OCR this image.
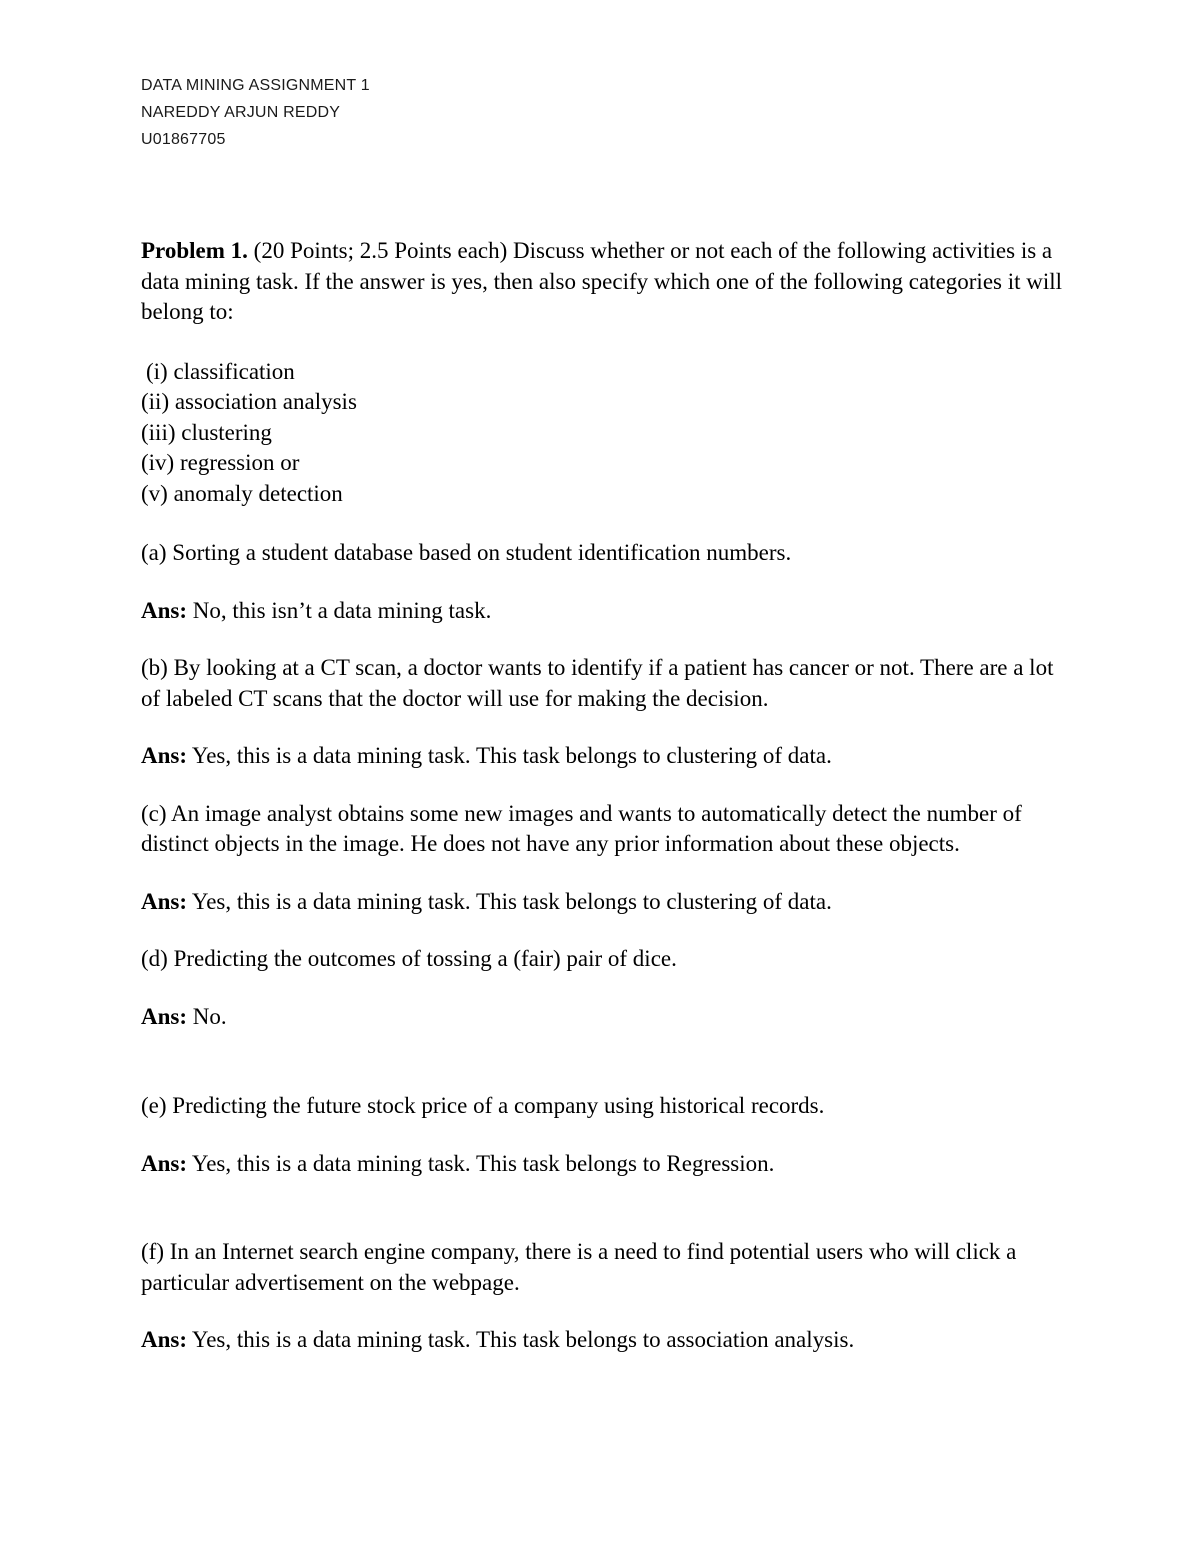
DATA MINING ASSIGNMENT 1
NAREDDY ARJUN REDDY
U01867705

Problem 1. (20 Points; 2.5 Points each) Discuss whether or not each of the following activities is a data mining task. If the answer is yes, then also specify which one of the following categories it will belong to:

(i) classification
(ii) association analysis
(iii) clustering
(iv) regression or
(v) anomaly detection

(a) Sorting a student database based on student identification numbers.

Ans: No, this isn’t a data mining task.

(b) By looking at a CT scan, a doctor wants to identify if a patient has cancer or not. There are a lot of labeled CT scans that the doctor will use for making the decision.

Ans: Yes, this is a data mining task. This task belongs to clustering of data.

(c) An image analyst obtains some new images and wants to automatically detect the number of distinct objects in the image. He does not have any prior information about these objects.

Ans: Yes, this is a data mining task. This task belongs to clustering of data.

(d) Predicting the outcomes of tossing a (fair) pair of dice.

Ans: No.

(e) Predicting the future stock price of a company using historical records.

Ans: Yes, this is a data mining task. This task belongs to Regression.

(f) In an Internet search engine company, there is a need to find potential users who will click a particular advertisement on the webpage.

Ans: Yes, this is a data mining task. This task belongs to association analysis.
